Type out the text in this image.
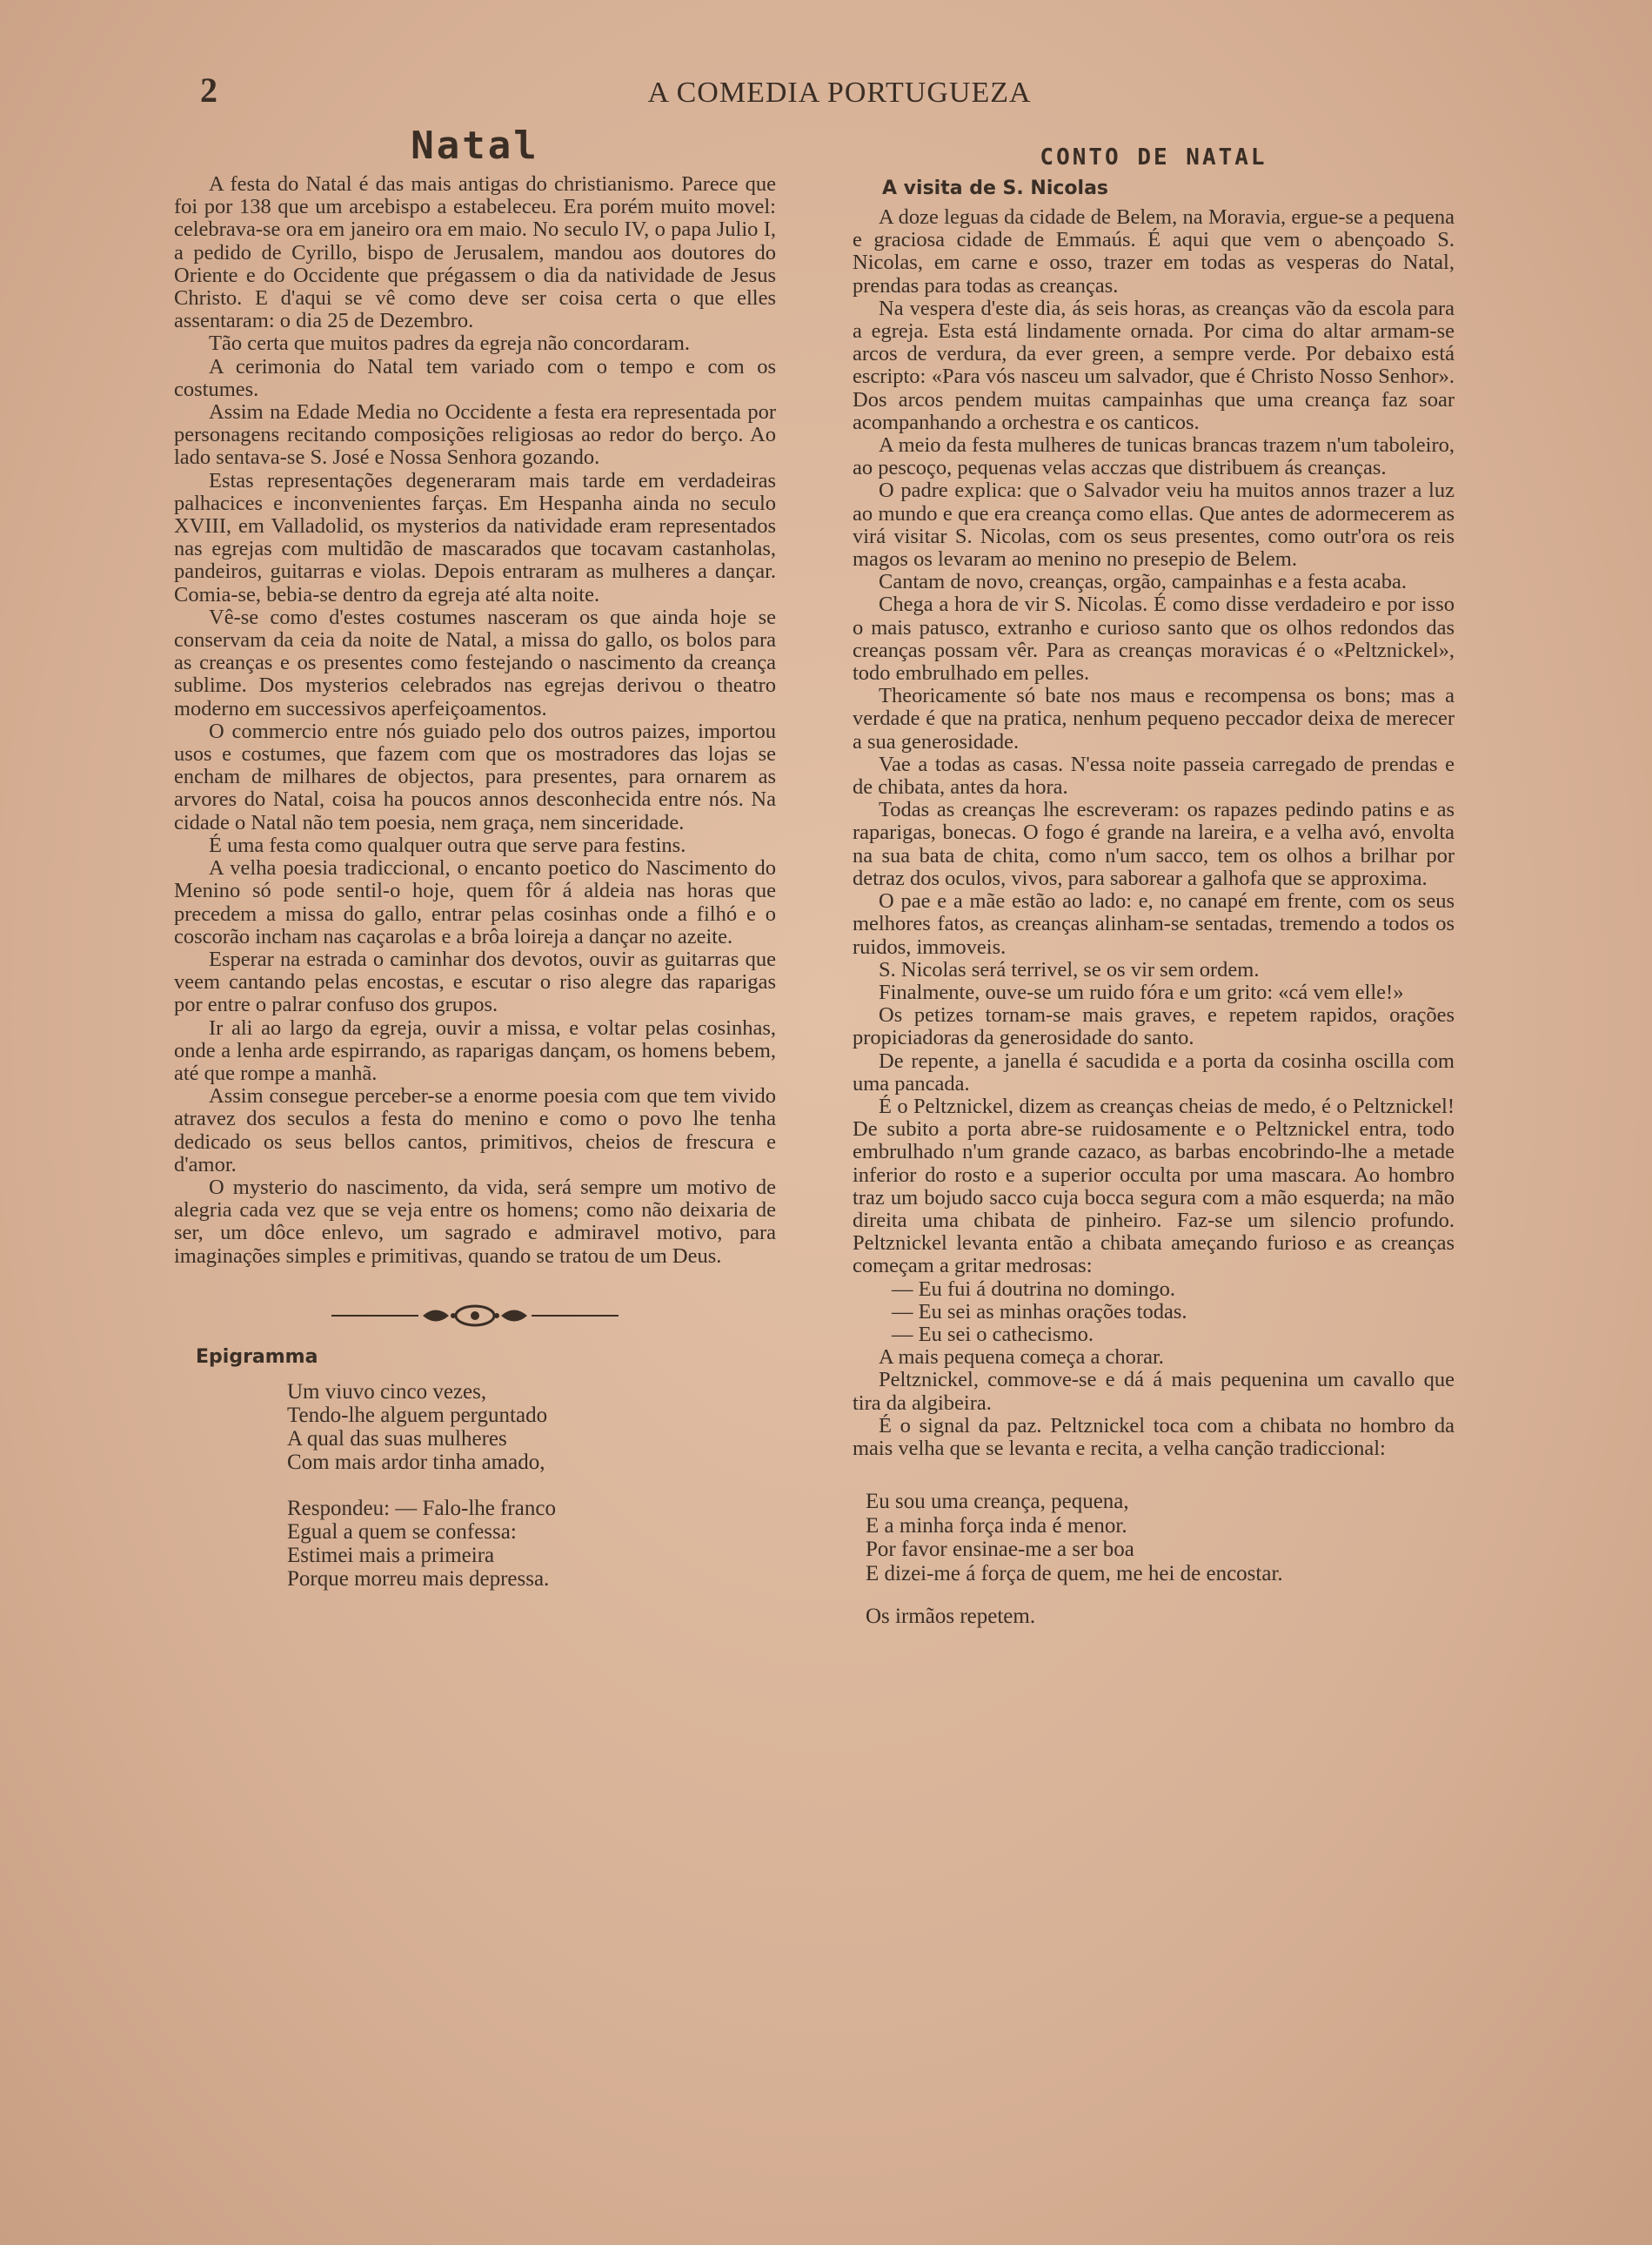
2	A COMEDIA PORTUGUEZA
Natal

A festa do Natal é das mais antigas do christianismo. Parece que foi por 138 que um arcebispo a estabeleceu. Era porém muito movel: celebrava-se ora em janeiro ora em maio. No seculo IV, o papa Julio I, a pedido de Cyrillo, bispo de Jerusalem, mandou aos doutores do Oriente e do Occidente que prégassem o dia da natividade de Jesus Christo. E d'aqui se vê como deve ser coisa certa o que elles assentaram: o dia 25 de Dezembro.

Tão certa que muitos padres da egreja não concordaram.

A cerimonia do Natal tem variado com o tempo e com os costumes.

Assim na Edade Media no Occidente a festa era representada por personagens recitando composições religiosas ao redor do berço. Ao lado sentava-se S. José e Nossa Senhora gozando.

Estas representações degeneraram mais tarde em verdadeiras palhacices e inconvenientes farças. Em Hespanha ainda no seculo XVIII, em Valladolid, os mysterios da natividade eram representados nas egrejas com multidão de mascarados que tocavam castanholas, pandeiros, guitarras e violas. Depois entraram as mulheres a dançar. Comia-se, bebia-se dentro da egreja até alta noite.

Vê-se como d'estes costumes nasceram os que ainda hoje se conservam da ceia da noite de Natal, a missa do gallo, os bolos para as creanças e os presentes como festejando o nascimento da creança sublime. Dos mysterios celebrados nas egrejas derivou o theatro moderno em successivos aperfeiçoamentos.

O commercio entre nós guiado pelo dos outros paizes, importou usos e costumes, que fazem com que os mostradores das lojas se encham de milhares de objectos, para presentes, para ornarem as arvores do Natal, coisa ha poucos annos desconhecida entre nós. Na cidade o Natal não tem poesia, nem graça, nem sinceridade.

É uma festa como qualquer outra que serve para festins.

A velha poesia tradiccional, o encanto poetico do Nascimento do Menino só pode sentil-o hoje, quem fôr á aldeia nas horas que precedem a missa do gallo, entrar pelas cosinhas onde a filhó e o coscorão incham nas caçarolas e a brôa loireja a dançar no azeite.

Esperar na estrada o caminhar dos devotos, ouvir as guitarras que veem cantando pelas encostas, e escutar o riso alegre das raparigas por entre o palrar confuso dos grupos.

Ir ali ao largo da egreja, ouvir a missa, e voltar pelas cosinhas, onde a lenha arde espirrando, as raparigas dançam, os homens bebem, até que rompe a manhã.

Assim consegue perceber-se a enorme poesia com que tem vivido atravez dos seculos a festa do menino e como o povo lhe tenha dedicado os seus bellos cantos, primitivos, cheios de frescura e d'amor.

O mysterio do nascimento, da vida, será sempre um motivo de alegria cada vez que se veja entre os homens; como não deixaria de ser, um dôce enlevo, um sagrado e admiravel motivo, para imaginações simples e primitivas, quando se tratou de um Deus.

Epigramma
Um viuvo cinco vezes,
Tendo-lhe alguem perguntado
A qual das suas mulheres
Com mais ardor tinha amado,
Respondeu: — Falo-lhe franco
Egual a quem se confessa:
Estimei mais a primeira
Porque morreu mais depressa.
CONTO DE NATAL
A visita de S. Nicolas

A doze leguas da cidade de Belem, na Moravia, ergue-se a pequena e graciosa cidade de Emmaús. É aqui que vem o abençoado S. Nicolas, em carne e osso, trazer em todas as vesperas do Natal, prendas para todas as creanças.

Na vespera d'este dia, ás seis horas, as creanças vão da escola para a egreja. Esta está lindamente ornada. Por cima do altar armam-se arcos de verdura, da ever green, a sempre verde. Por debaixo está escripto: «Para vós nasceu um salvador, que é Christo Nosso Senhor». Dos arcos pendem muitas campainhas que uma creança faz soar acompanhando a orchestra e os canticos.

A meio da festa mulheres de tunicas brancas trazem n'um taboleiro, ao pescoço, pequenas velas acczas que distribuem ás creanças.

O padre explica: que o Salvador veiu ha muitos annos trazer a luz ao mundo e que era creança como ellas. Que antes de adormecerem as virá visitar S. Nicolas, com os seus presentes, como outr'ora os reis magos os levaram ao menino no presepio de Belem.

Cantam de novo, creanças, orgão, campainhas e a festa acaba.

Chega a hora de vir S. Nicolas. É como disse verdadeiro e por isso o mais patusco, extranho e curioso santo que os olhos redondos das creanças possam vêr. Para as creanças moravicas é o «Peltznickel», todo embrulhado em pelles.

Theoricamente só bate nos maus e recompensa os bons; mas a verdade é que na pratica, nenhum pequeno peccador deixa de merecer a sua generosidade.

Vae a todas as casas. N'essa noite passeia carregado de prendas e de chibata, antes da hora.

Todas as creanças lhe escreveram: os rapazes pedindo patins e as raparigas, bonecas. O fogo é grande na lareira, e a velha avó, envolta na sua bata de chita, como n'um sacco, tem os olhos a brilhar por detraz dos oculos, vivos, para saborear a galhofa que se approxima.

O pae e a mãe estão ao lado: e, no canapé em frente, com os seus melhores fatos, as creanças alinham-se sentadas, tremendo a todos os ruidos, immoveis.

S. Nicolas será terrivel, se os vir sem ordem.

Finalmente, ouve-se um ruido fóra e um grito: «cá vem elle!»

Os petizes tornam-se mais graves, e repetem rapidos, orações propiciadoras da generosidade do santo.

De repente, a janella é sacudida e a porta da cosinha oscilla com uma pancada.

É o Peltznickel, dizem as creanças cheias de medo, é o Peltznickel! De subito a porta abre-se ruidosamente e o Peltznickel entra, todo embrulhado n'um grande cazaco, as barbas encobrindo-lhe a metade inferior do rosto e a superior occulta por uma mascara. Ao hombro traz um bojudo sacco cuja bocca segura com a mão esquerda; na mão direita uma chibata de pinheiro. Faz-se um silencio profundo. Peltznickel levanta então a chibata ameçando furioso e as creanças começam a gritar medrosas:

— Eu fui á doutrina no domingo.

— Eu sei as minhas orações todas.

— Eu sei o cathecismo.

A mais pequena começa a chorar.

Peltznickel, commove-se e dá á mais pequenina um cavallo que tira da algibeira.

É o signal da paz. Peltznickel toca com a chibata no hombro da mais velha que se levanta e recita, a velha canção tradiccional:

Eu sou uma creança, pequena,
E a minha força inda é menor.
Por favor ensinae-me a ser boa
E dizei-me á força de quem, me hei de encostar.
Os irmãos repetem.
